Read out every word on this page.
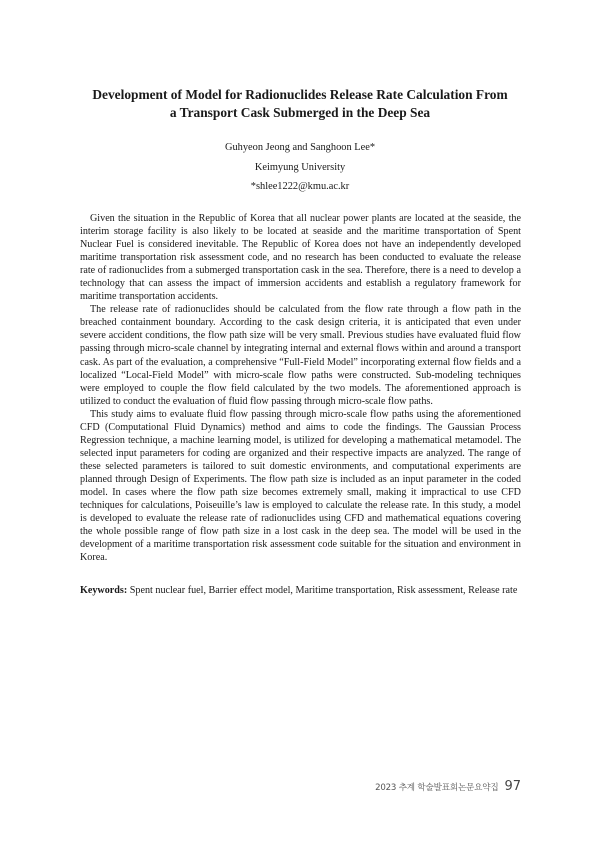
Development of Model for Radionuclides Release Rate Calculation From
a Transport Cask Submerged in the Deep Sea
Guhyeon Jeong and Sanghoon Lee*
Keimyung University
*shlee1222@kmu.ac.kr

Given the situation in the Republic of Korea that all nuclear power plants are located at the seaside, the interim storage facility is also likely to be located at seaside and the maritime transportation of Spent Nuclear Fuel is considered inevitable. The Republic of Korea does not have an independently developed maritime transportation risk assessment code, and no research has been conducted to evaluate the release rate of radionuclides from a submerged transportation cask in the sea. Therefore, there is a need to develop a technology that can assess the impact of immersion accidents and establish a regulatory framework for maritime transportation accidents.

The release rate of radionuclides should be calculated from the flow rate through a flow path in the breached containment boundary. According to the cask design criteria, it is anticipated that even under severe accident conditions, the flow path size will be very small. Previous studies have evaluated fluid flow passing through micro-scale channel by integrating internal and external flows within and around a transport cask. As part of the evaluation, a comprehensive “Full-Field Model” incorporating external flow fields and a localized “Local-Field Model” with micro-scale flow paths were constructed. Sub-modeling techniques were employed to couple the flow field calculated by the two models. The aforementioned approach is utilized to conduct the evaluation of fluid flow passing through micro-scale flow paths.

This study aims to evaluate fluid flow passing through micro-scale flow paths using the aforementioned CFD (Computational Fluid Dynamics) method and aims to code the findings. The Gaussian Process Regression technique, a machine learning model, is utilized for developing a mathematical metamodel. The selected input parameters for coding are organized and their respective impacts are analyzed. The range of these selected parameters is tailored to suit domestic environments, and computational experiments are planned through Design of Experiments. The flow path size is included as an input parameter in the coded model. In cases where the flow path size becomes extremely small, making it impractical to use CFD techniques for calculations, Poiseuille’s law is employed to calculate the release rate. In this study, a model is developed to evaluate the release rate of radionuclides using CFD and mathematical equations covering the whole possible range of flow path size in a lost cask in the deep sea. The model will be used in the development of a maritime transportation risk assessment code suitable for the situation and environment in Korea.

Keywords: Spent nuclear fuel, Barrier effect model, Maritime transportation, Risk assessment, Release rate
2023 추계 학술발표회논문요약집 97
